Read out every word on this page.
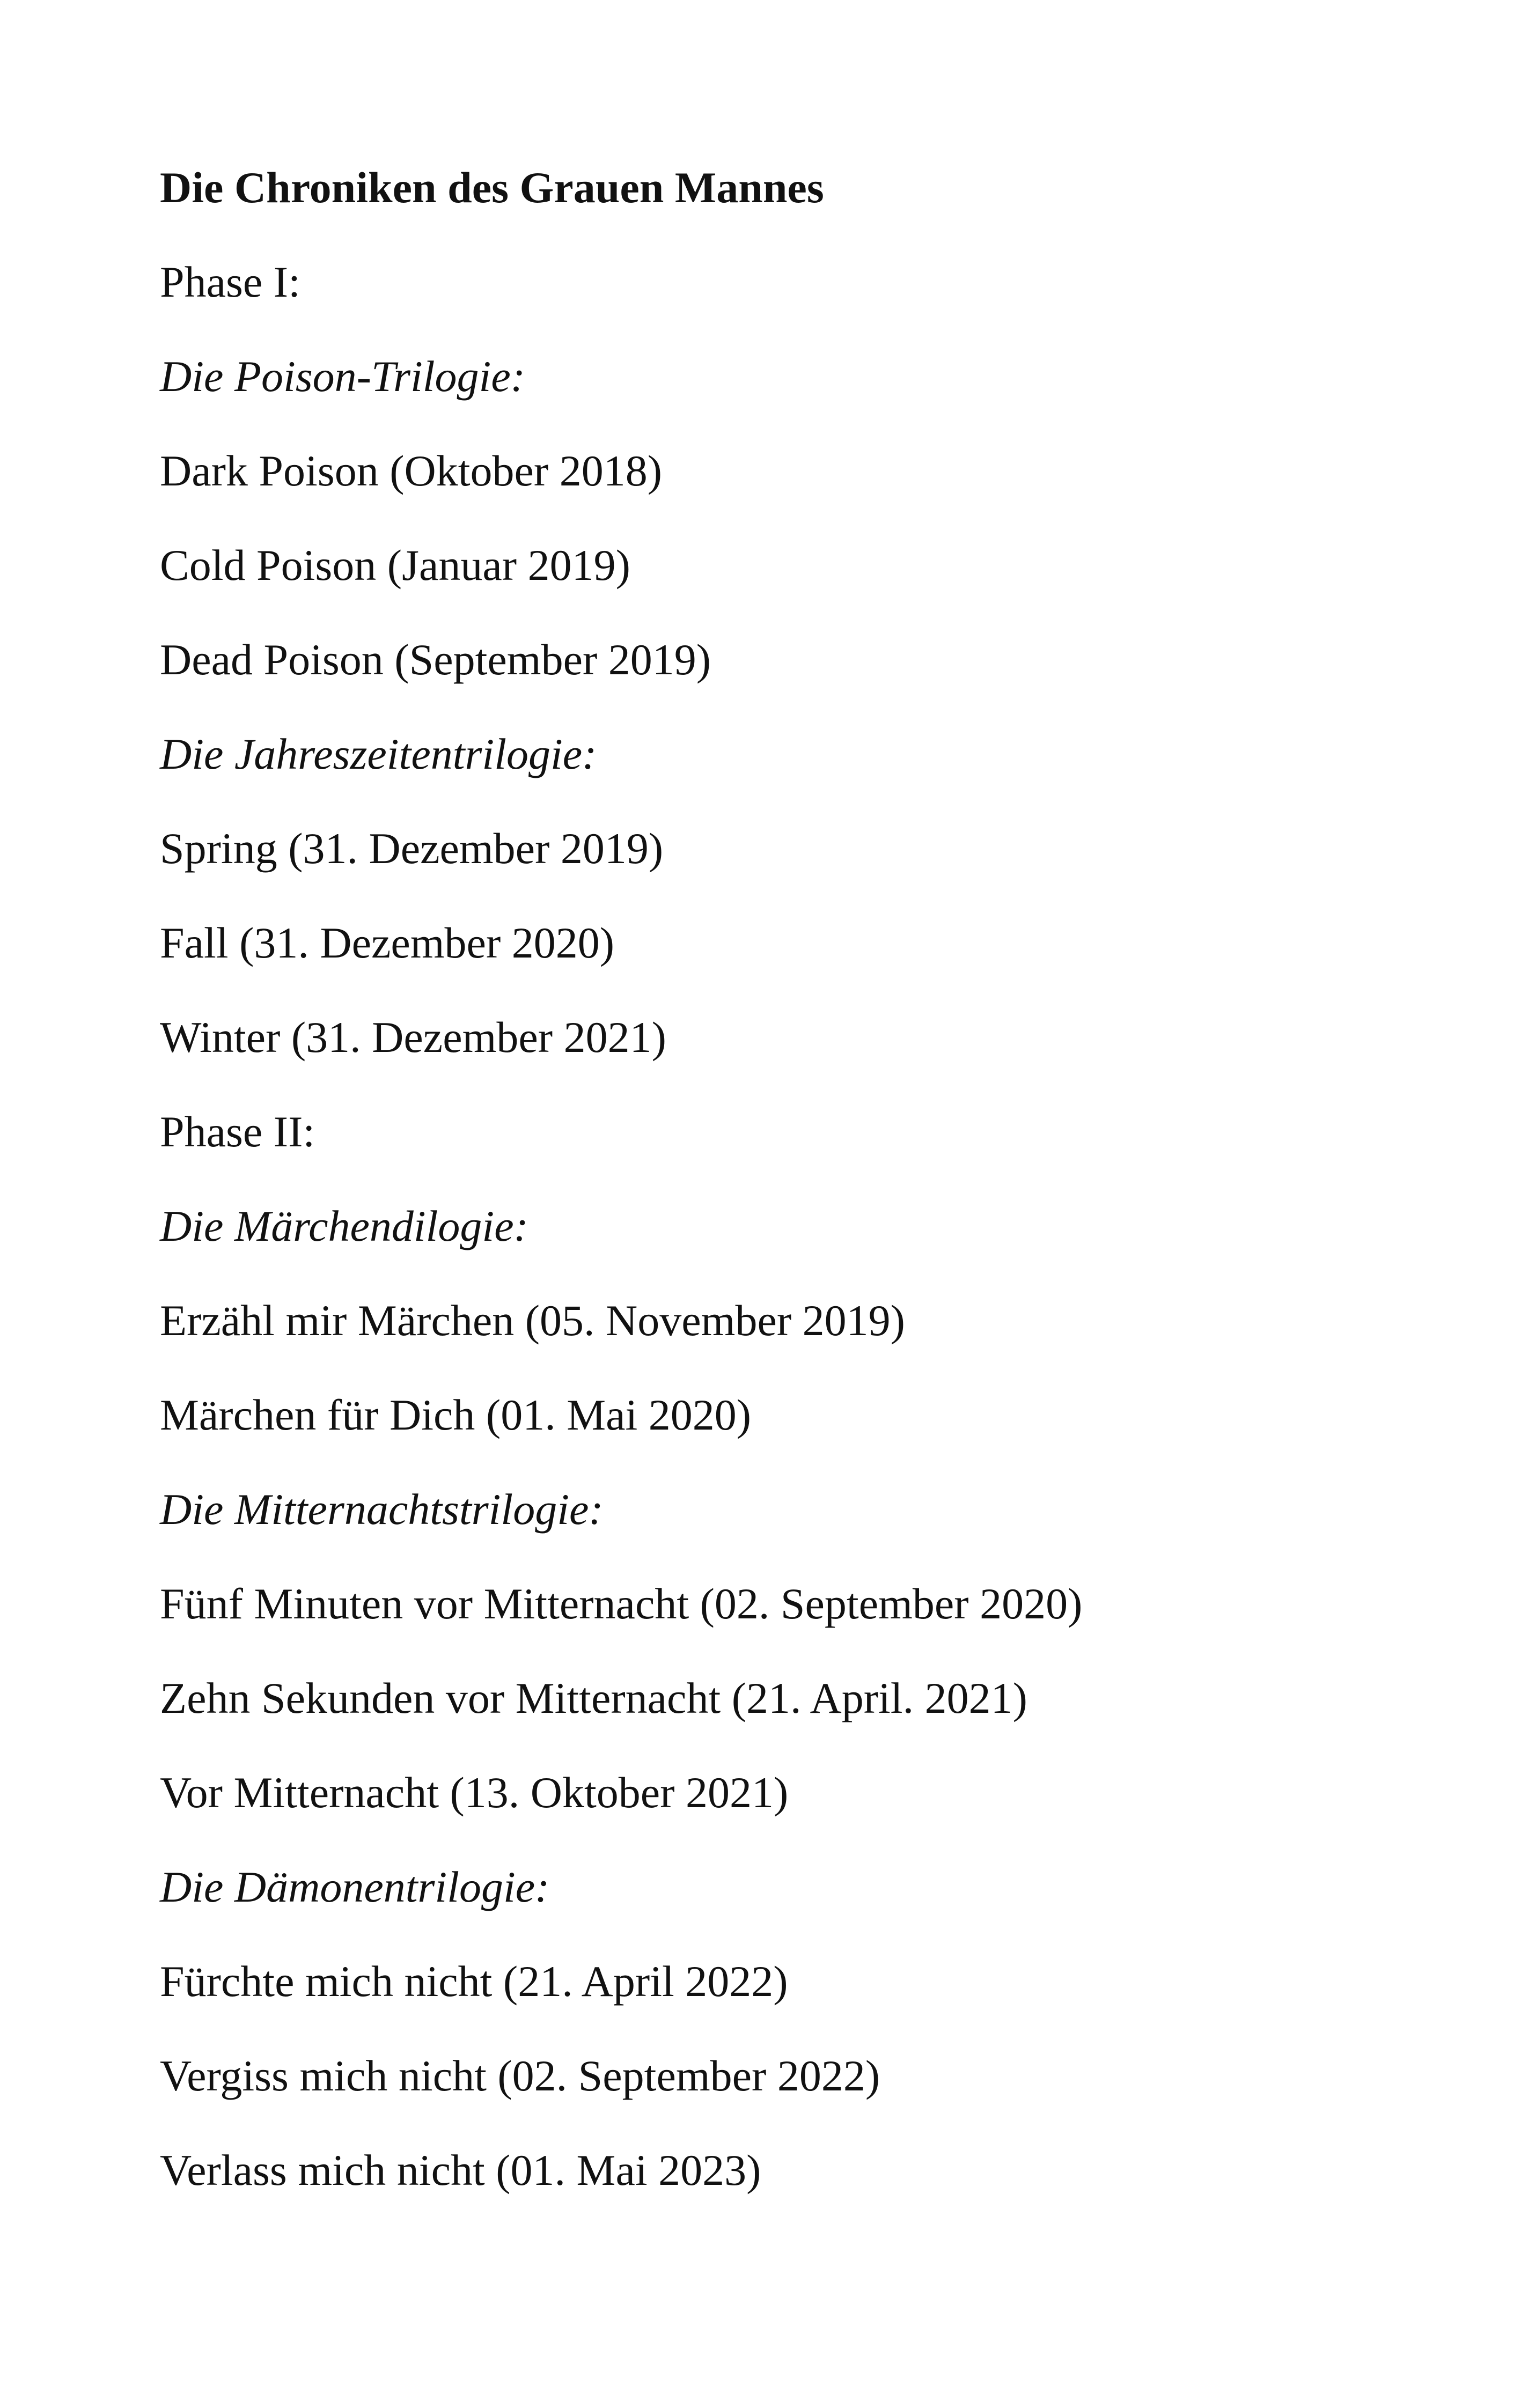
Die Chroniken des Grauen Mannes
Phase I:
Die Poison-Trilogie:
Dark Poison (Oktober 2018)
Cold Poison (Januar 2019)
Dead Poison (September 2019)
Die Jahreszeitentrilogie:
Spring (31. Dezember 2019)
Fall (31. Dezember 2020)
Winter (31. Dezember 2021)
Phase II:
Die Märchendilogie:
Erzähl mir Märchen (05. November 2019)
Märchen für Dich (01. Mai 2020)
Die Mitternachtstrilogie:
Fünf Minuten vor Mitternacht (02. September 2020)
Zehn Sekunden vor Mitternacht (21. April. 2021)
Vor Mitternacht (13. Oktober 2021)
Die Dämonentrilogie:
Fürchte mich nicht (21. April 2022)
Vergiss mich nicht (02. September 2022)
Verlass mich nicht (01. Mai 2023)
